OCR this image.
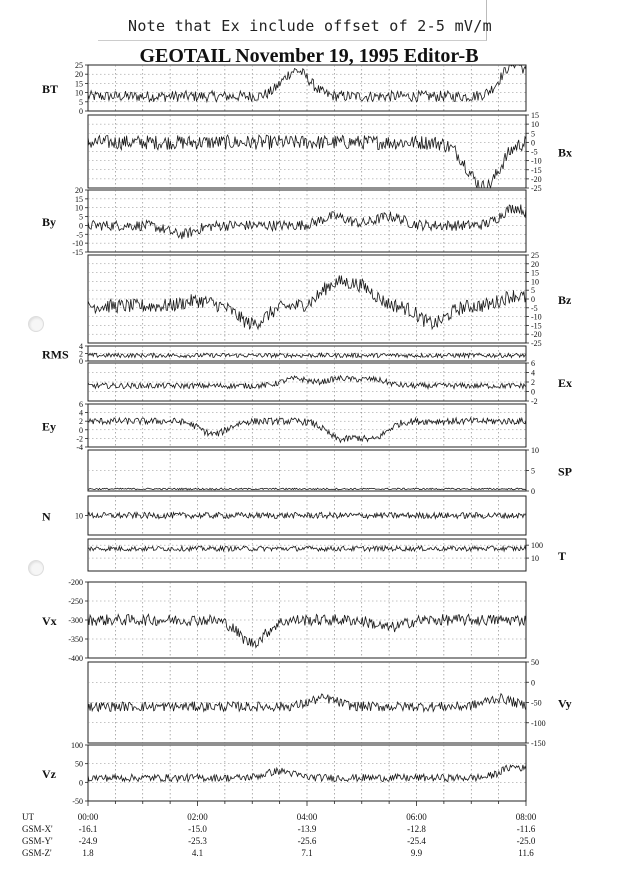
Note that Ex include offset of 2-5 mV/m
GEOTAIL November 19, 1995 Editor-B
0
5
10
15
20
25
BT
15
10
5
0
-5
-10
-15
-20
-25
Bx
20
15
10
5
0
-5
-10
-15
By
25
20
15
10
5
0
-5
-10
-15
-20
-25
Bz
4
2
0
RMS
6
4
2
0
-2
Ex
6
4
2
0
-2
-4
Ey
10
5
0
SP
10
N
100
10 T
-200
-250
-300
-350
-400
Vx
50
0
-50
-100
-150
Vy
100
50
0
-50
Vz
UT	00:00	02:00	04:00	06:00	08:00
GSM-X'	-16.1	-15.0	-13.9	-12.8	-11.6
GSM-Y'	-24.9	-25.3	-25.6	-25.4	-25.0
GSM-Z'	1.8	4.1	7.1	9.9	11.6
